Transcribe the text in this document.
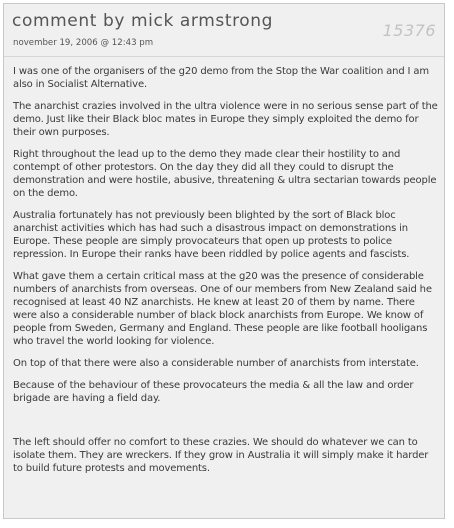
comment by mick armstrong
november 19, 2006 @ 12:43 pm
15376

I was one of the organisers of the g20 demo from the Stop the War coalition and I am also in Socialist Alternative.

The anarchist crazies involved in the ultra violence were in no serious sense part of the demo. Just like their Black bloc mates in Europe they simply exploited the demo for their own purposes.

Right throughout the lead up to the demo they made clear their hostility to and contempt of other protestors. On the day they did all they could to disrupt the demonstration and were hostile, abusive, threatening & ultra sectarian towards people on the demo.

Australia fortunately has not previously been blighted by the sort of Black bloc anarchist activities which has had such a disastrous impact on demonstrations in Europe. These people are simply provocateurs that open up protests to police repression. In Europe their ranks have been riddled by police agents and fascists.

What gave them a certain critical mass at the g20 was the presence of considerable numbers of anarchists from overseas. One of our members from New Zealand said he recognised at least 40 NZ anarchists. He knew at least 20 of them by name. There were also a considerable number of black block anarchists from Europe. We know of people from Sweden, Germany and England. These people are like football hooligans who travel the world looking for violence.

On top of that there were also a considerable number of anarchists from interstate.

Because of the behaviour of these provocateurs the media & all the law and order brigade are having a field day.

The left should offer no comfort to these crazies. We should do whatever we can to isolate them. They are wreckers. If they grow in Australia it will simply make it harder to build future protests and movements.
